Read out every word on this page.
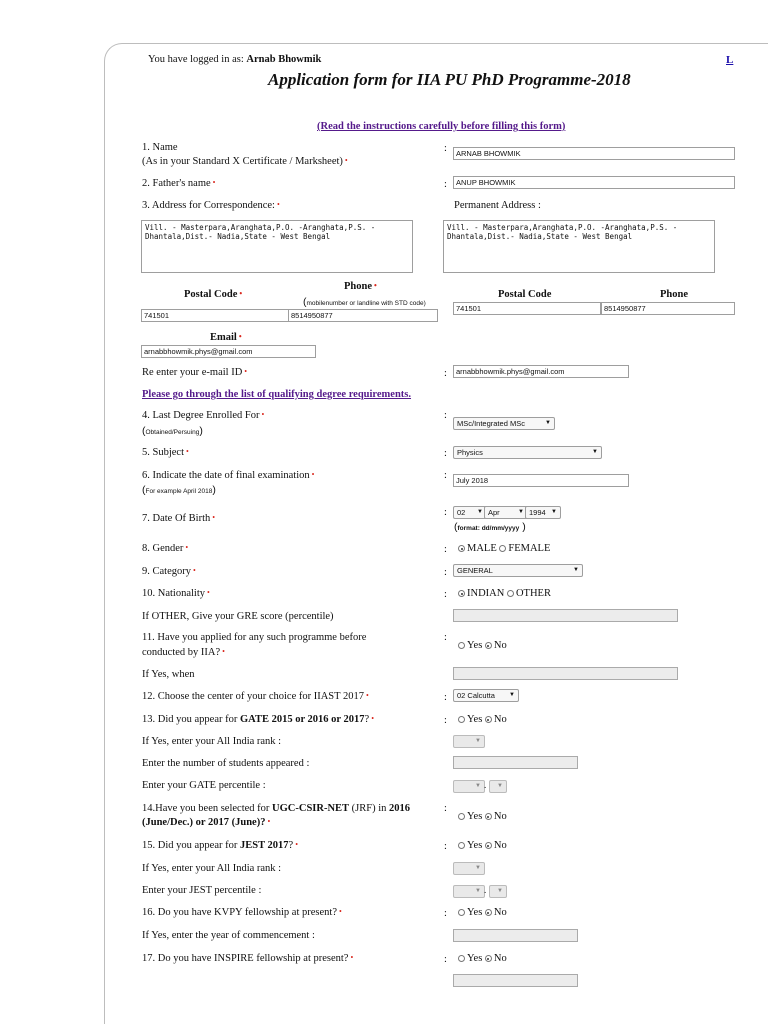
You have logged in as: Arnab Bhowmik	L
Application form for IIA PU PhD Programme-2018
(Read the instructions carefully before filling this form)
1. Name
(As in your Standard X Certificate / Marksheet) •
:	ARNAB BHOWMIK
2. Father's name •	:	ANUP BHOWMIK
3. Address for Correspondence: •	Permanent Address :
Vill. - Masterpara,Aranghata,P.O. -Aranghata,P.S. -
Dhantala,Dist.- Nadia,State - West Bengal
Vill. - Masterpara,Aranghata,P.O. -Aranghata,P.S. -
Dhantala,Dist.- Nadia,State - West Bengal
Postal Code •
Phone •
(mobilenumber or landline with STD code)
741501	8514950877
Postal Code	Phone
741501	8514950877
Email •
arnabbhowmik.phys@gmail.com
Re enter your e-mail ID •	:	arnabbhowmik.phys@gmail.com
Please go through the list of qualifying degree requirements.
4. Last Degree Enrolled For •
(Obtained/Persuing)
:
MSc/Integrated MSc	▼
5. Subject •	:	Physics	▼
6. Indicate the date of final examination •
(For example April 2018)
:	July 2018
7. Date Of Birth •	:	02 ▼ Apr	▼ 1994 ▼
(format: dd/mm/yyyy )
8. Gender •	:	MALE FEMALE
9. Category •	:	GENERAL	▼
10. Nationality •	:	INDIAN OTHER
If OTHER, Give your GRE score (percentile)
11. Have you applied for any such programme before
conducted by IIA? •
:
Yes No
If Yes, when
12. Choose the center of your choice for IIAST 2017 •	:	02 Calcutta ▼
13. Did you appear for GATE 2015 or 2016 or 2017? •	:	Yes No
If Yes, enter your All India rank :	▼
Enter the number of students appeared :
Enter your GATE percentile :	▼ . ▼
14.Have you been selected for UGC-CSIR-NET (JRF) in 2016
(June/Dec.) or 2017 (June)? •
:
Yes No
15. Did you appear for JEST 2017? •	:	Yes No
If Yes, enter your All India rank :	▼
Enter your JEST percentile :	▼ . ▼
16. Do you have KVPY fellowship at present? •	:	Yes No
If Yes, enter the year of commencement :
17. Do you have INSPIRE fellowship at present? •	:	Yes No
